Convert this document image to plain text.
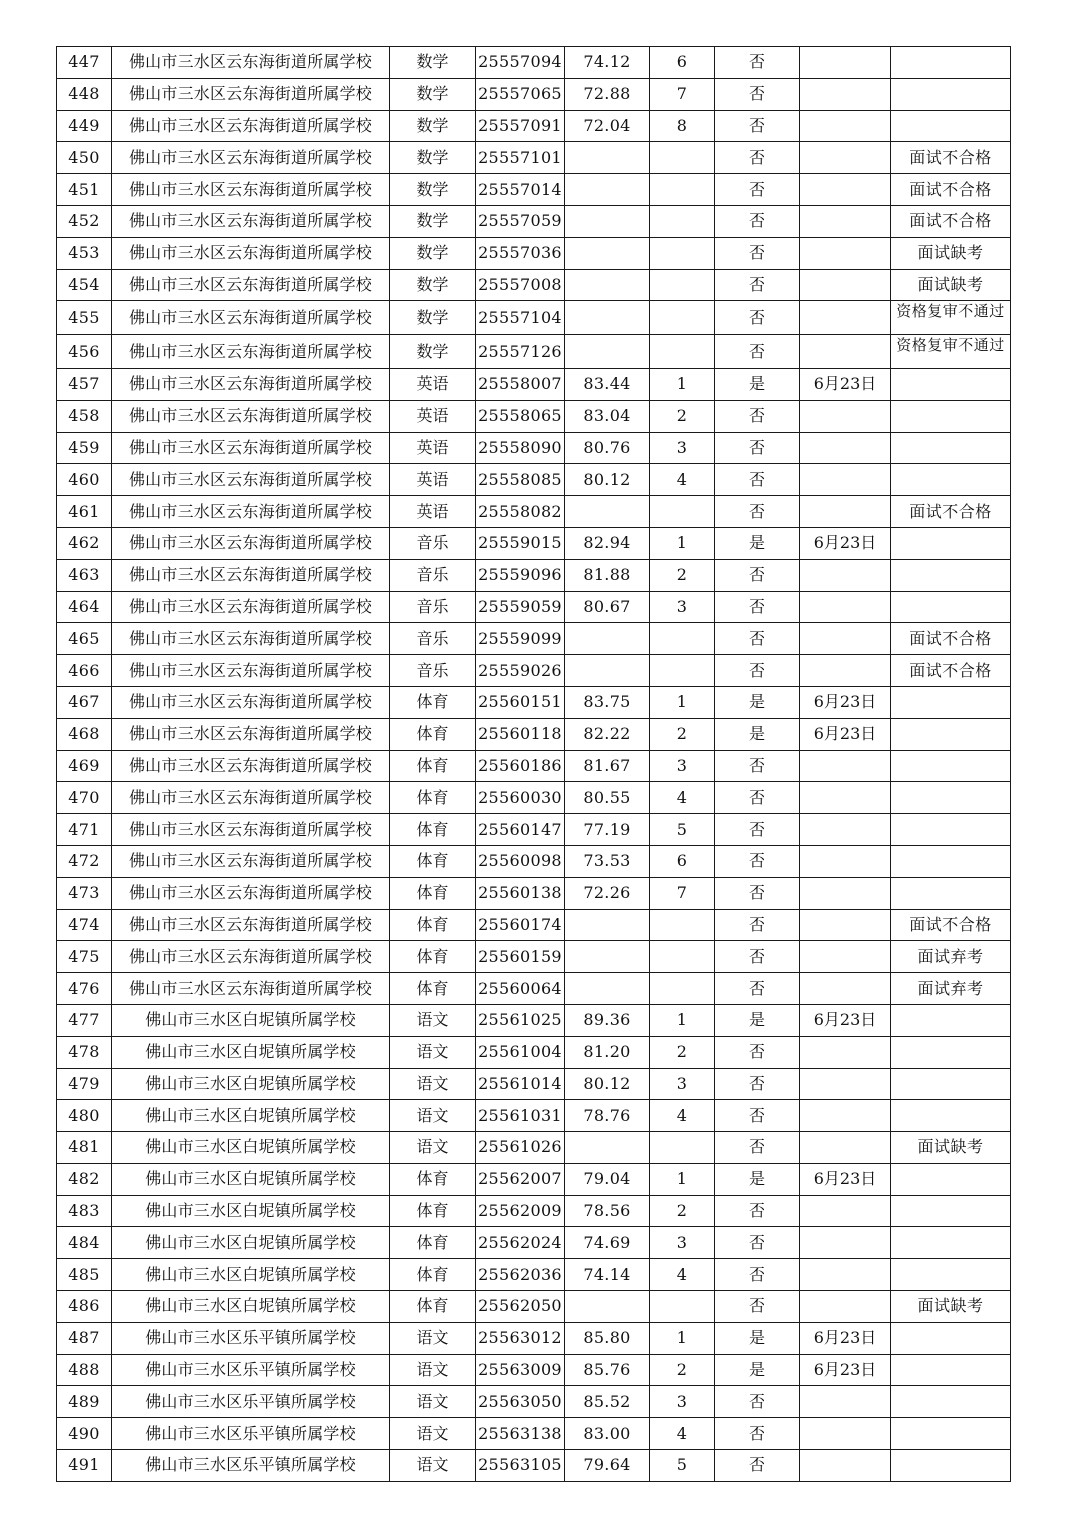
447	佛山市三水区云东海街道所属学校	数学	25557094	74.12	6	否		
448	佛山市三水区云东海街道所属学校	数学	25557065	72.88	7	否		
449	佛山市三水区云东海街道所属学校	数学	25557091	72.04	8	否		
450	佛山市三水区云东海街道所属学校	数学	25557101			否		面试不合格
451	佛山市三水区云东海街道所属学校	数学	25557014			否		面试不合格
452	佛山市三水区云东海街道所属学校	数学	25557059			否		面试不合格
453	佛山市三水区云东海街道所属学校	数学	25557036			否		面试缺考
454	佛山市三水区云东海街道所属学校	数学	25557008			否		面试缺考
455	佛山市三水区云东海街道所属学校	数学	25557104			否		资格复审不通过
456	佛山市三水区云东海街道所属学校	数学	25557126			否		资格复审不通过
457	佛山市三水区云东海街道所属学校	英语	25558007	83.44	1	是	6月23日	
458	佛山市三水区云东海街道所属学校	英语	25558065	83.04	2	否		
459	佛山市三水区云东海街道所属学校	英语	25558090	80.76	3	否		
460	佛山市三水区云东海街道所属学校	英语	25558085	80.12	4	否		
461	佛山市三水区云东海街道所属学校	英语	25558082			否		面试不合格
462	佛山市三水区云东海街道所属学校	音乐	25559015	82.94	1	是	6月23日	
463	佛山市三水区云东海街道所属学校	音乐	25559096	81.88	2	否		
464	佛山市三水区云东海街道所属学校	音乐	25559059	80.67	3	否		
465	佛山市三水区云东海街道所属学校	音乐	25559099			否		面试不合格
466	佛山市三水区云东海街道所属学校	音乐	25559026			否		面试不合格
467	佛山市三水区云东海街道所属学校	体育	25560151	83.75	1	是	6月23日	
468	佛山市三水区云东海街道所属学校	体育	25560118	82.22	2	是	6月23日	
469	佛山市三水区云东海街道所属学校	体育	25560186	81.67	3	否		
470	佛山市三水区云东海街道所属学校	体育	25560030	80.55	4	否		
471	佛山市三水区云东海街道所属学校	体育	25560147	77.19	5	否		
472	佛山市三水区云东海街道所属学校	体育	25560098	73.53	6	否		
473	佛山市三水区云东海街道所属学校	体育	25560138	72.26	7	否		
474	佛山市三水区云东海街道所属学校	体育	25560174			否		面试不合格
475	佛山市三水区云东海街道所属学校	体育	25560159			否		面试弃考
476	佛山市三水区云东海街道所属学校	体育	25560064			否		面试弃考
477	佛山市三水区白坭镇所属学校	语文	25561025	89.36	1	是	6月23日	
478	佛山市三水区白坭镇所属学校	语文	25561004	81.20	2	否		
479	佛山市三水区白坭镇所属学校	语文	25561014	80.12	3	否		
480	佛山市三水区白坭镇所属学校	语文	25561031	78.76	4	否		
481	佛山市三水区白坭镇所属学校	语文	25561026			否		面试缺考
482	佛山市三水区白坭镇所属学校	体育	25562007	79.04	1	是	6月23日	
483	佛山市三水区白坭镇所属学校	体育	25562009	78.56	2	否		
484	佛山市三水区白坭镇所属学校	体育	25562024	74.69	3	否		
485	佛山市三水区白坭镇所属学校	体育	25562036	74.14	4	否		
486	佛山市三水区白坭镇所属学校	体育	25562050			否		面试缺考
487	佛山市三水区乐平镇所属学校	语文	25563012	85.80	1	是	6月23日	
488	佛山市三水区乐平镇所属学校	语文	25563009	85.76	2	是	6月23日	
489	佛山市三水区乐平镇所属学校	语文	25563050	85.52	3	否		
490	佛山市三水区乐平镇所属学校	语文	25563138	83.00	4	否		
491	佛山市三水区乐平镇所属学校	语文	25563105	79.64	5	否		
